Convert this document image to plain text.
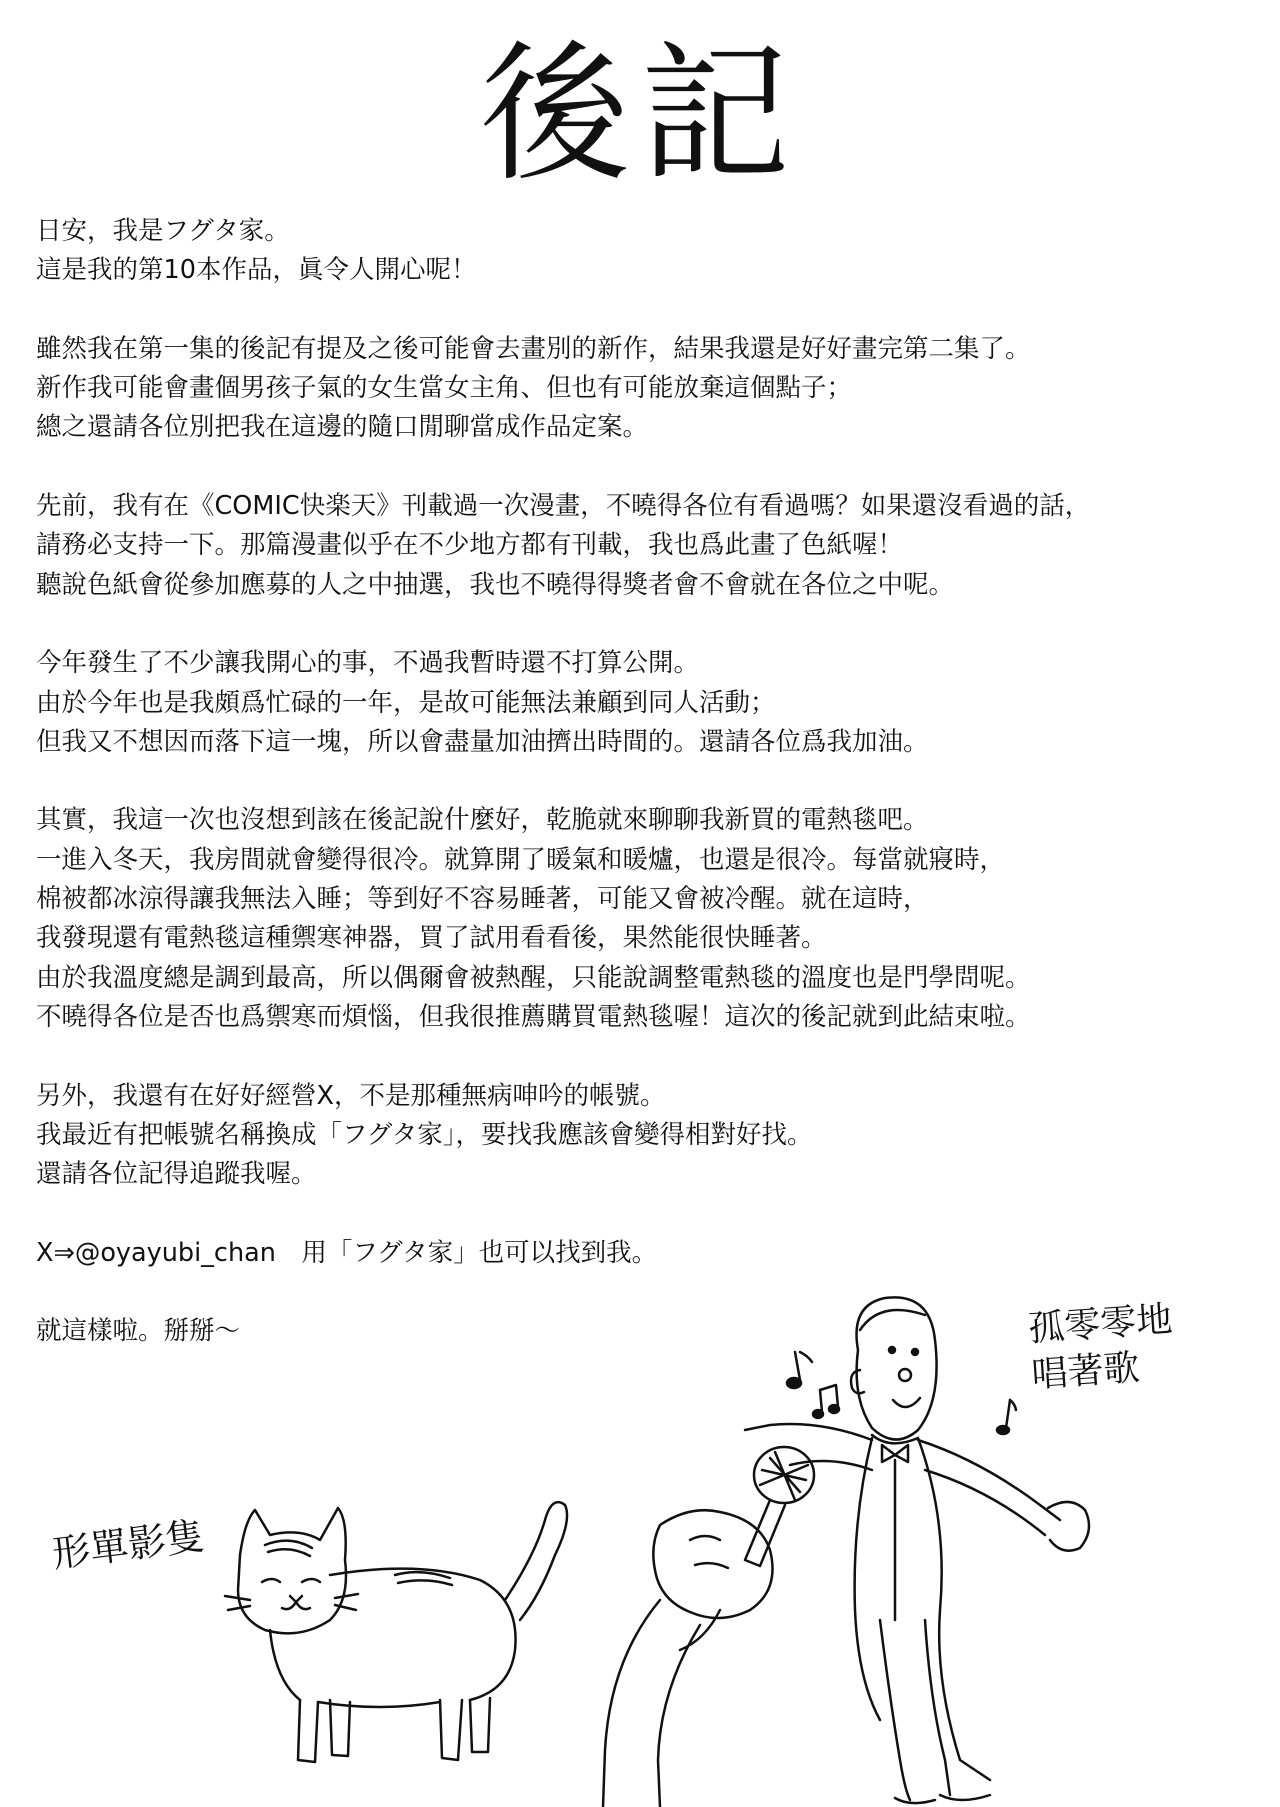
後記
日安，我是フグタ家。
這是我的第10本作品，眞令人開心呢！
雖然我在第一集的後記有提及之後可能會去畫別的新作，結果我還是好好畫完第二集了。
新作我可能會畫個男孩子氣的女生當女主角、但也有可能放棄這個點子；
總之還請各位別把我在這邊的隨口閒聊當成作品定案。
先前，我有在《COMIC快楽天》刊載過一次漫畫，不曉得各位有看過嗎？如果還沒看過的話，
請務必支持一下。那篇漫畫似乎在不少地方都有刊載，我也爲此畫了色紙喔！
聽說色紙會從參加應募的人之中抽選，我也不曉得得獎者會不會就在各位之中呢。
今年發生了不少讓我開心的事，不過我暫時還不打算公開。
由於今年也是我頗爲忙碌的一年，是故可能無法兼顧到同人活動；
但我又不想因而落下這一塊，所以會盡量加油擠出時間的。還請各位爲我加油。
其實，我這一次也沒想到該在後記說什麼好，乾脆就來聊聊我新買的電熱毯吧。
一進入冬天，我房間就會變得很冷。就算開了暖氣和暖爐，也還是很冷。每當就寢時，
棉被都冰涼得讓我無法入睡；等到好不容易睡著，可能又會被冷醒。就在這時，
我發現還有電熱毯這種禦寒神器，買了試用看看後，果然能很快睡著。
由於我溫度總是調到最高，所以偶爾會被熱醒，只能說調整電熱毯的溫度也是門學問呢。
不曉得各位是否也爲禦寒而煩惱，但我很推薦購買電熱毯喔！這次的後記就到此結束啦。
另外，我還有在好好經營X，不是那種無病呻吟的帳號。
我最近有把帳號名稱換成「フグタ家」，要找我應該會變得相對好找。
還請各位記得追蹤我喔。
X⇒@oyayubi_chan　用「フグタ家」也可以找到我。
就這樣啦。掰掰～	孤零零地
唱著歌
形單影隻
